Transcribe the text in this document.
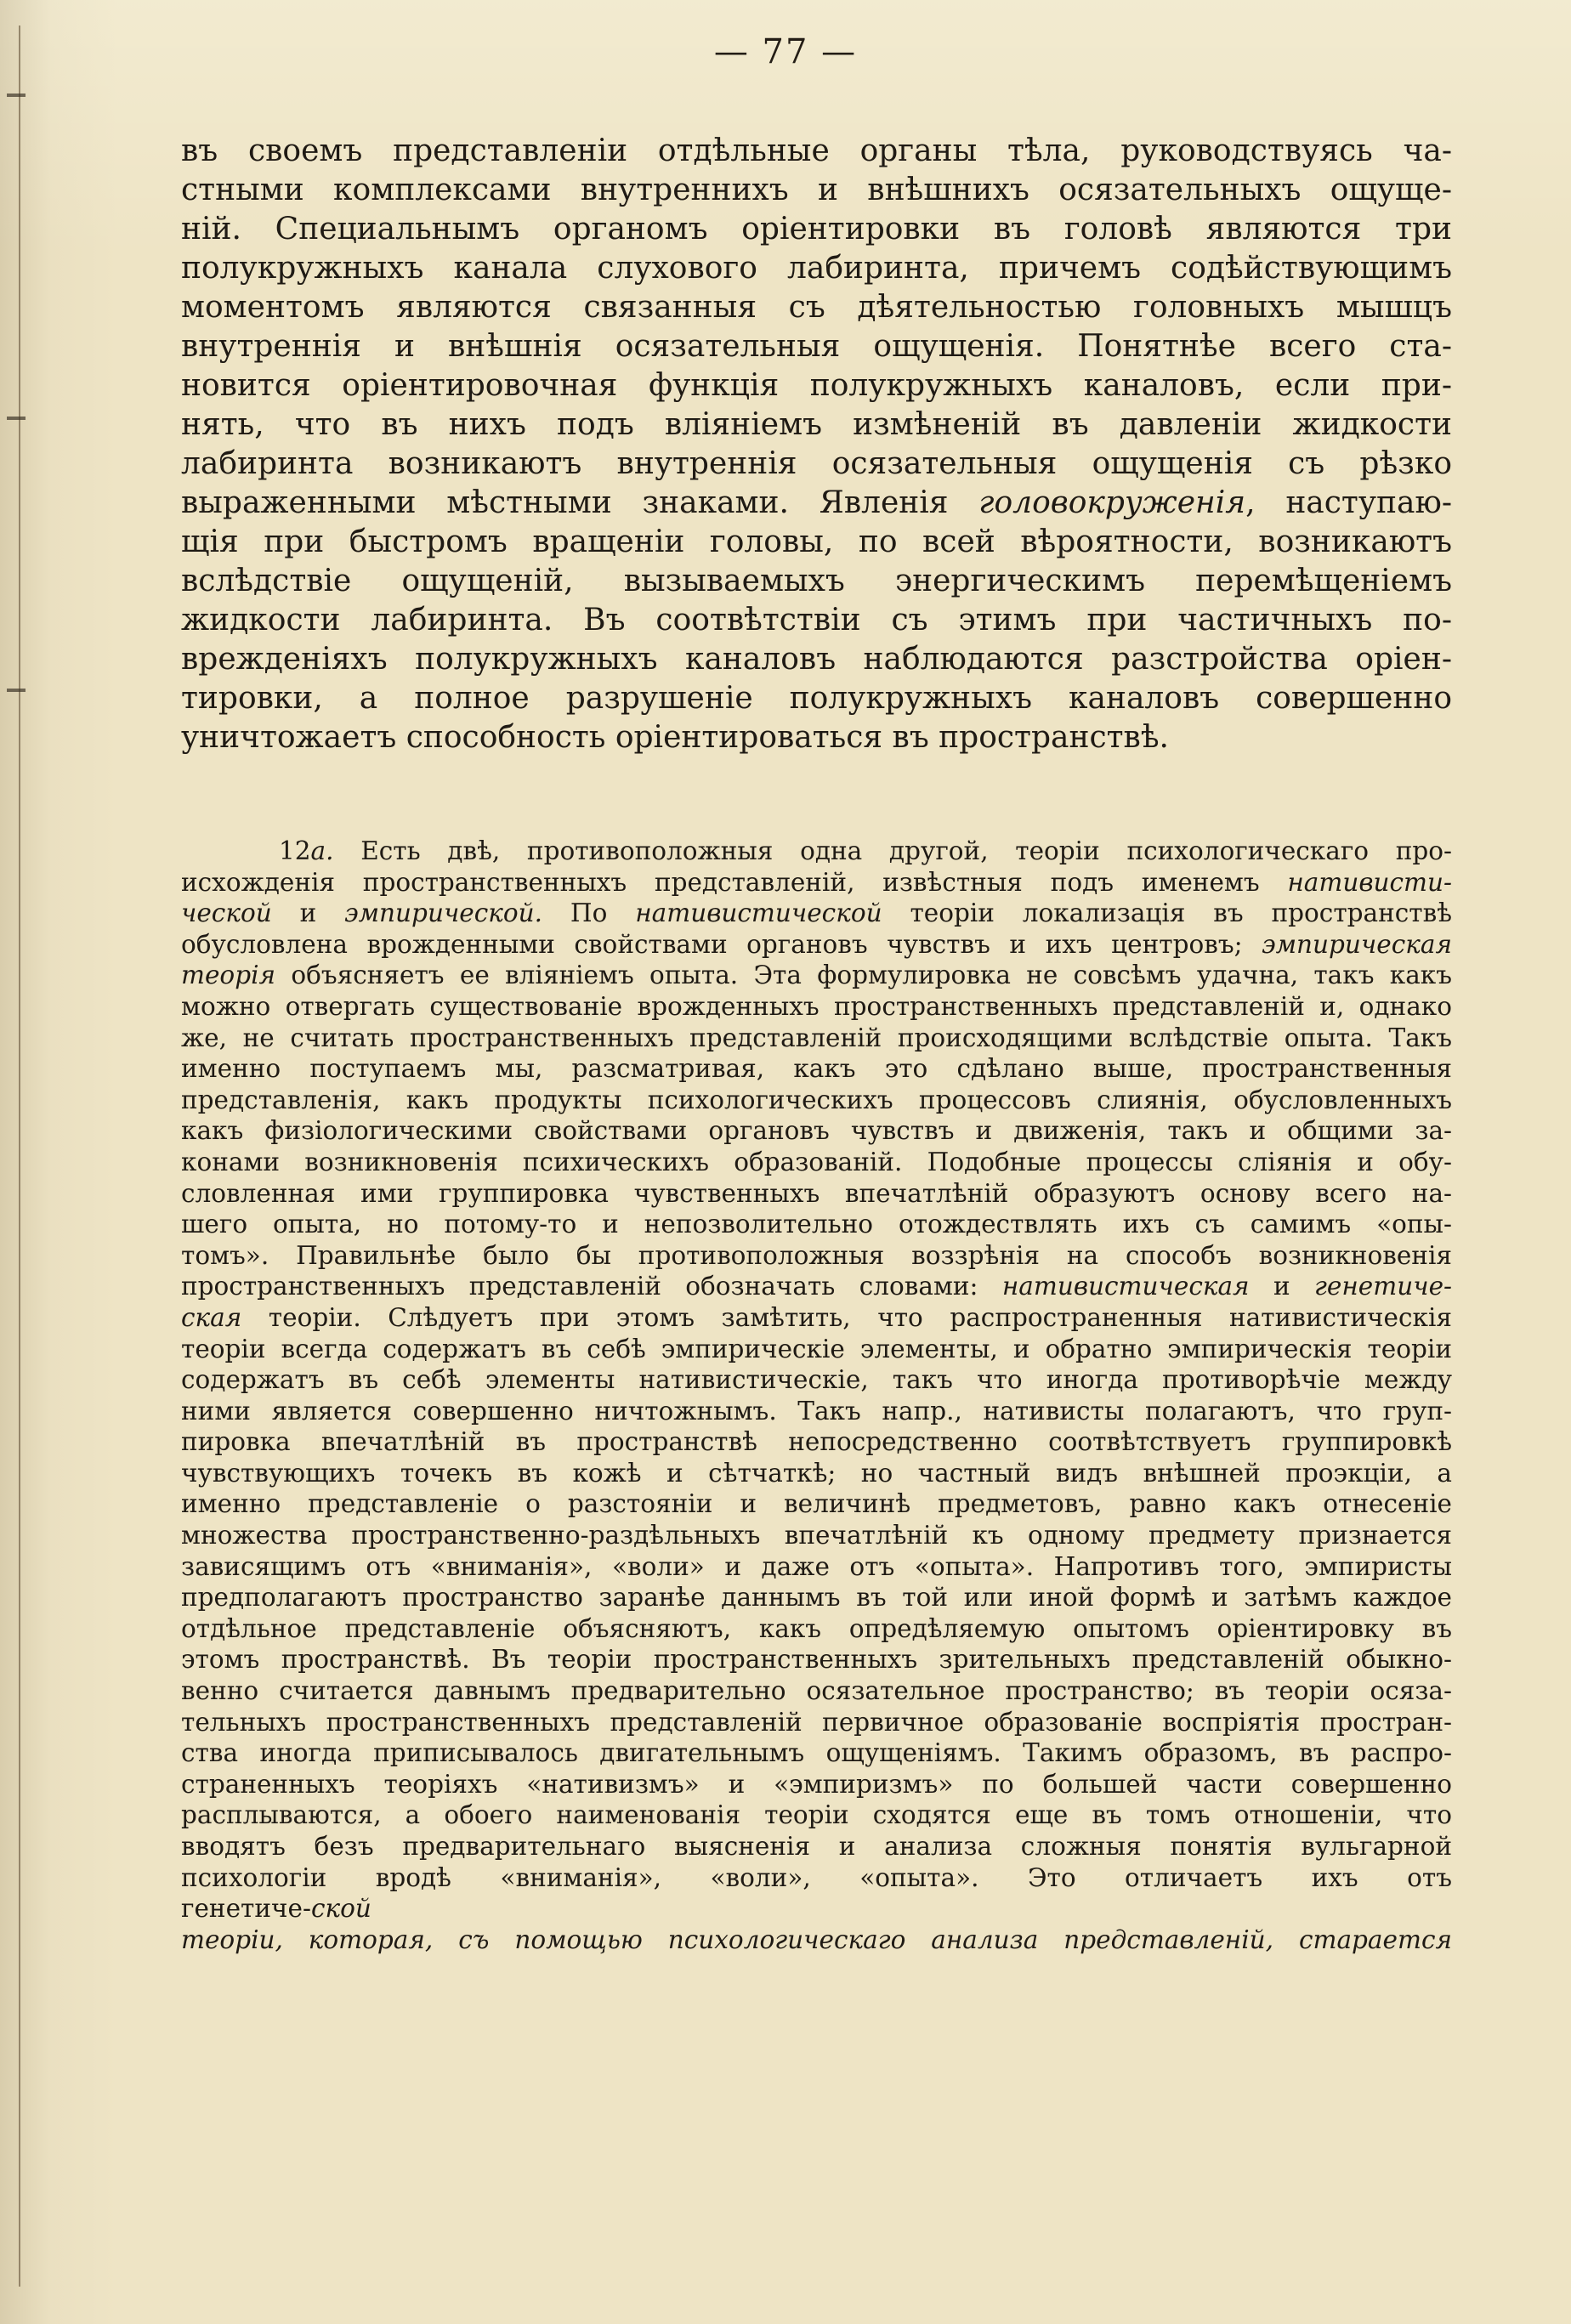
— 77 —
въ своемъ представленіи отдѣльные органы тѣла, руководствуясь ча-
стными комплексами внутреннихъ и внѣшнихъ осязательныхъ ощуще-
ній. Специальнымъ органомъ оріентировки въ головѣ являются три
полукружныхъ канала слухового лабиринта, причемъ содѣйствующимъ
моментомъ являются связанныя съ дѣятельностью головныхъ мышцъ
внутреннія и внѣшнія осязательныя ощущенія. Понятнѣе всего ста-
новится оріентировочная функція полукружныхъ каналовъ, если при-
нять, что въ нихъ подъ вліяніемъ измѣненій въ давленіи жидкости
лабиринта возникаютъ внутреннія осязательныя ощущенія съ рѣзко
выраженными мѣстными знаками. Явленія головокруженія, наступаю-
щія при быстромъ вращеніи головы, по всей вѣроятности, возникаютъ
вслѣдствіе ощущеній, вызываемыхъ энергическимъ перемѣщеніемъ
жидкости лабиринта. Въ соотвѣтствіи съ этимъ при частичныхъ по-
врежденіяхъ полукружныхъ каналовъ наблюдаются разстройства оріен-
тировки, а полное разрушеніе полукружныхъ каналовъ совершенно
уничтожаетъ способность оріентироваться въ пространствѣ.
12а. Есть двѣ, противоположныя одна другой, теоріи психологическаго про-
исхожденія пространственныхъ представленій, извѣстныя подъ именемъ нативисти-
ческой и эмпирической. По нативистической теоріи локализація въ пространствѣ
обусловлена врожденными свойствами органовъ чувствъ и ихъ центровъ; эмпирическая
теорія объясняетъ ее вліяніемъ опыта. Эта формулировка не совсѣмъ удачна, такъ какъ
можно отвергать существованіе врожденныхъ пространственныхъ представленій и, однако
же, не считать пространственныхъ представленій происходящими вслѣдствіе опыта. Такъ
именно поступаемъ мы, разсматривая, какъ это сдѣлано выше, пространственныя
представленія, какъ продукты психологическихъ процессовъ слиянія, обусловленныхъ
какъ физіологическими свойствами органовъ чувствъ и движенія, такъ и общими за-
конами возникновенія психическихъ образованій. Подобные процессы сліянія и обу-
словленная ими группировка чувственныхъ впечатлѣній образуютъ основу всего на-
шего опыта, но потому-то и непозволительно отождествлять ихъ съ самимъ «опы-
томъ». Правильнѣе было бы противоположныя воззрѣнія на способъ возникновенія
пространственныхъ представленій обозначать словами: нативистическая и генетиче-
ская теоріи. Слѣдуетъ при этомъ замѣтить, что распространенныя нативистическія
теоріи всегда содержатъ въ себѣ эмпирическіе элементы, и обратно эмпирическія теоріи
содержатъ въ себѣ элементы нативистическіе, такъ что иногда противорѣчіе между
ними является совершенно ничтожнымъ. Такъ напр., нативисты полагаютъ, что груп-
пировка впечатлѣній въ пространствѣ непосредственно соотвѣтствуетъ группировкѣ
чувствующихъ точекъ въ кожѣ и сѣтчаткѣ; но частный видъ внѣшней проэкціи, а
именно представленіе о разстояніи и величинѣ предметовъ, равно какъ отнесеніе
множества пространственно-раздѣльныхъ впечатлѣній къ одному предмету признается
зависящимъ отъ «вниманія», «воли» и даже отъ «опыта». Напротивъ того, эмпиристы
предполагаютъ пространство заранѣе даннымъ въ той или иной формѣ и затѣмъ каждое
отдѣльное представленіе объясняютъ, какъ опредѣляемую опытомъ оріентировку въ
этомъ пространствѣ. Въ теоріи пространственныхъ зрительныхъ представленій обыкно-
венно считается давнымъ предварительно осязательное пространство; въ теоріи осяза-
тельныхъ пространственныхъ представленій первичное образованіе воспріятія простран-
ства иногда приписывалось двигательнымъ ощущеніямъ. Такимъ образомъ, въ распро-
страненныхъ теоріяхъ «нативизмъ» и «эмпиризмъ» по большей части совершенно
расплываются, а обоего наименованія теоріи сходятся еще въ томъ отношеніи, что
вводятъ безъ предварительнаго выясненія и анализа сложныя понятія вульгарной
психологіи вродѣ «вниманія», «воли», «опыта». Это отличаетъ ихъ отъ
генетиче-ской
теоріи, которая, съ помощью психологическаго анализа представленій, старается
